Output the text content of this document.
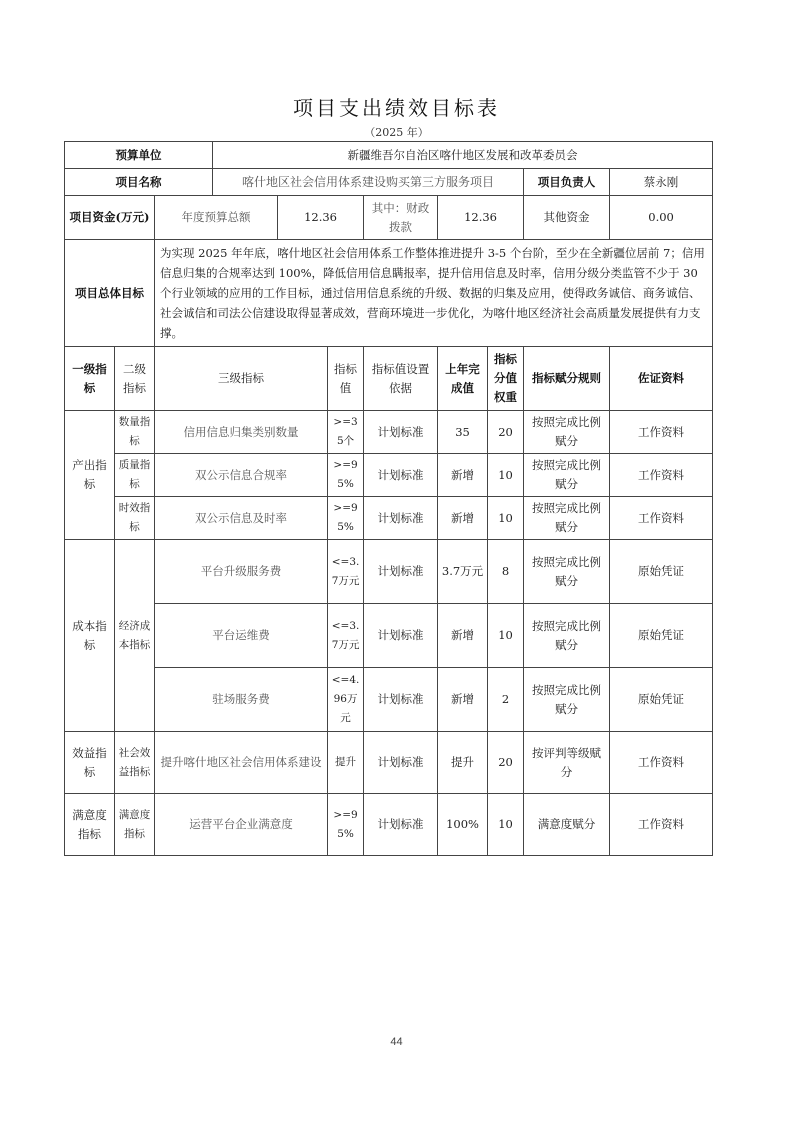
项目支出绩效目标表
（2025 年）
预算单位			新疆维吾尔自治区喀什地区发展和改革委员会							
项目名称			喀什地区社会信用体系建设购买第三方服务项目						项目负责人	蔡永刚
项目资金(万元)		年度预算总额		12.36		其中：财政拨款	12.36		其他资金	0.00
项目总体目标		为实现 2025 年年底，喀什地区社会信用体系工作整体推进提升 3-5 个台阶，至少在全新疆位居前 7；信用信息归集的合规率达到 100%，降低信用信息瞒报率，提升信用信息及时率，信用分级分类监管不少于 30 个行业领域的应用的工作目标，通过信用信息系统的升级、数据的归集及应用，使得政务诚信、商务诚信、社会诚信和司法公信建设取得显著成效，营商环境进一步优化，为喀什地区经济社会高质量发展提供有力支撑。								
一级指标	二级指标	三级指标			指标值	指标值设置依据	上年完成值	指标分值权重	指标赋分规则	佐证资料
产出指标	数量指标	信用信息归集类别数量			>=35个	计划标准	35	20	按照完成比例赋分	工作资料
	质量指标	双公示信息合规率			>=95%	计划标准	新增	10	按照完成比例赋分	工作资料
	时效指标	双公示信息及时率			>=95%	计划标准	新增	10	按照完成比例赋分	工作资料
成本指标	经济成本指标	平台升级服务费			<=3.7万元	计划标准	3.7万元	8	按照完成比例赋分	原始凭证
		平台运维费			<=3.7万元	计划标准	新增	10	按照完成比例赋分	原始凭证
		驻场服务费			<=4.96万元	计划标准	新增	2	按照完成比例赋分	原始凭证
效益指标	社会效益指标	提升喀什地区社会信用体系建设			提升	计划标准	提升	20	按评判等级赋分	工作资料
满意度指标	满意度指标	运营平台企业满意度			>=95%	计划标准	100%	10	满意度赋分	工作资料
44
